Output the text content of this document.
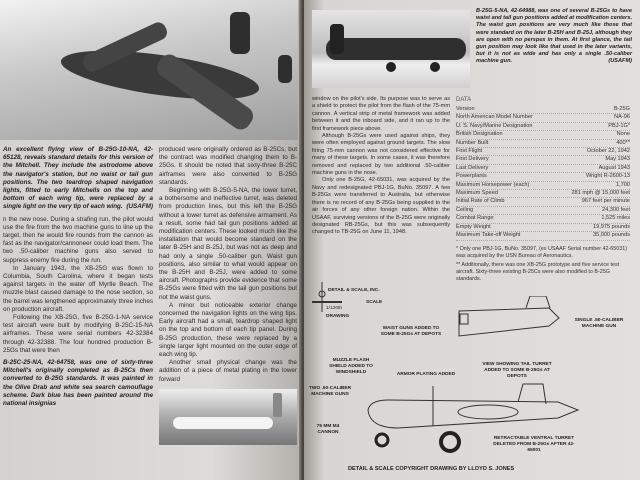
An excellent flying view of B-25G-10-NA, 42-65128, reveals standard details for this version of the Mitchell. They include the astrodome above the navigator's station, but no waist or tail gun positions. The two teardrop shaped navigation lights, fitted to early Mitchells on the top and bottom of each wing tip, were replaced by a single light on the very tip of each wing. (USAFM)

n the new nose. During a strafing run, the pilot would use the fire from the two machine guns to line up the target, then he would fire rounds from the cannon as fast as the navigator/cannoneer could load them. The two .50-caliber machine guns also served to suppress enemy fire during the run.

In January 1943, the XB-25G was flown to Columbia, South Carolina, where it began tests against targets in the water off Myrtle Beach. The muzzle blast caused damage to the nose section, so the barrel was lengthened approximately three inches on production aircraft.

Following the XB-25G, five B-25G-1-NA service test aircraft were built by modifying B-25C-15-NA airframes. These were serial numbers 42-32384 through 42-32388. The four hundred production B-25Gs that were then

B-25C-25-NA, 42-64758, was one of sixty-three Mitchell's originally completed as B-25Cs then converted to B-25G standards. It was painted in the Olive Drab and white sea search camouflage scheme. Dark blue has been painted around the national insignias

produced were originally ordered as B-25Cs, but the contract was modified changing them to B-25Gs. It should be noted that sixty-three B-25C airframes were also converted to B-25G standards.

Beginning with B-25G-5-NA, the lower turret, a bothersome and ineffective turret, was deleted from production lines, but this left the B-25G without a lower turret as defensive armament. As a result, some had tail gun positions added at modification centers. These looked much like the installation that would become standard on the later B-25H and B-25J, but was not as deep and had only a single .50-caliber gun. Waist gun positions, also similar to what would appear on the B-25H and B-25J, were added to some aircraft. Photographs provide evidence that some B-25Gs were fitted with the tail gun positions but not the waist guns.

A minor but noticeable exterior change concerned the navigation lights on the wing tips. Early aircraft had a small, teardrop shaped light on the top and bottom of each tip panel. During B-25G production, these were replaced by a single larger light mounted on the outer edge of each wing tip.

Another small physical change was the addition of a piece of metal plating in the lower forward

B-25G-5-NA, 42-64988, was one of several B-25Gs to have waist and tail gun positions added at modification centers. The waist gun positions are very much like those that were standard on the later B-25H and B-25J, although they are open with no perspex in them. At first glance, the tail gun position may look like that used in the later variants, but it is not as wide and has only a single .50-caliber machine gun.	(USAFM)

window on the pilot's side. Its purpose was to serve as a shield to protect the pilot from the flash of the 75-mm cannon. A vertical strip of metal framework was added between it and the inboard side, and it ran up to the first framework piece above.

Although B-25Gs were used against ships, they were often employed against ground targets. The slow firing 75-mm cannon was not considered effective for many of these targets. In some cases, it was therefore removed and replaced by two additional .50-caliber machine guns in the nose.

Only one B-25G, 42-65031, was acquired by the Navy and redesignated PBJ-1G, BuNo. 35097. A few B-25Gs were transferred to Australia, but otherwise there is no record of any B-25Gs being supplied to the air forces of any other foreign nation. Within the USAAF, surviving versions of the B-25G were originally designated RB-25Gs, but this was subsequently changed to TB-25G on June 11, 1948.

DATA
Version	B-25G
North American Model Number	NA-96
U. S. Navy/Marine Designation	PBJ-1G*
British Designation	None
Number Built	400**
First Flight	October 22, 1942
First Delivery	May 1943
Last Delivery	August 1943
Powerplants	Wright R-2600-13
Maximum Horsepower (each)	1,700
Maximum Speed	281 mph @ 15,000 feet
Initial Rate of Climb	967 feet per minute
Ceiling	24,300 feet
Combat Range	1,525 miles
Empty Weight	19,975 pounds
Maximum Take-off Weight	35,000 pounds

* Only one PBJ-1G, BuNo. 35097, (ex USAAF Serial number 42-65031) was acquired by the USN Bureau of Aeronautics.

** Additionally, there was one XB-25G prototype and five service test aircraft. Sixty-three existing B-25Cs were also modified to B-25G standards.

DETAIL & SCALE, INC.
SCALE
1/120th
DRAWING
WAIST GUNS ADDED TO SOME B-25Gs AT DEPOTS
SINGLE .50-CALIBER MACHINE GUN
MUZZLE FLASH SHIELD ADDED TO WINDSHIELD	ARMOR PLATING ADDED
VIEW SHOWING TAIL TURRET ADDED TO SOME B-25Gs AT DEPOTS
TWO .50-CALIBER MACHINE GUNS
75 MM M4 CANNON
RETRACTABLE VENTRAL TURRET DELETED FROM B-25Gs AFTER 42-65001
DETAIL & SCALE COPYRIGHT DRAWING BY LLOYD S. JONES
